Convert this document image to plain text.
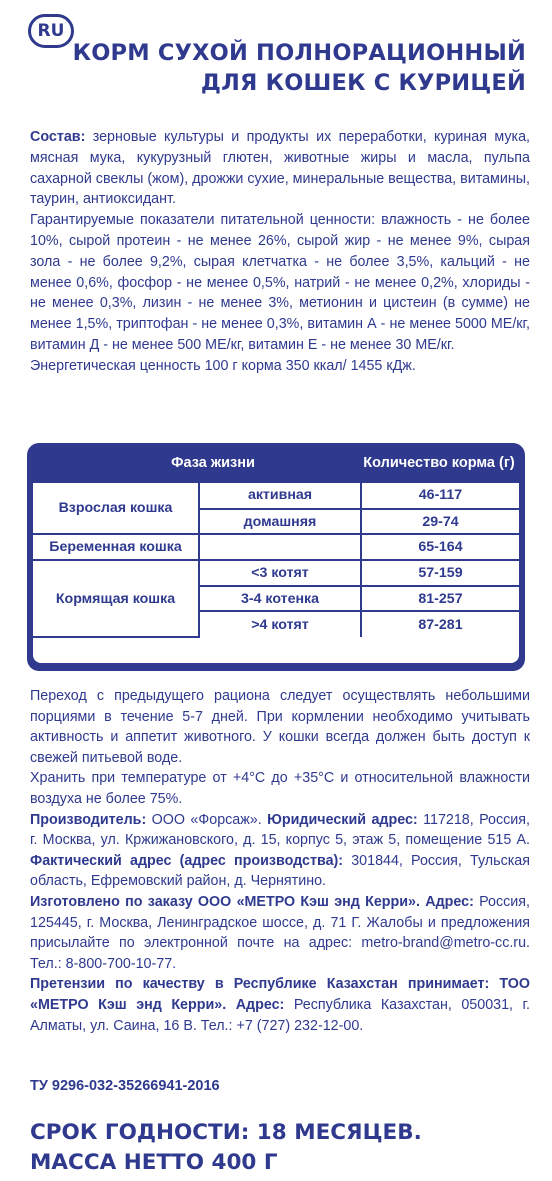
RU
КОРМ СУХОЙ ПОЛНОРАЦИОННЫЙ
ДЛЯ КОШЕК С КУРИЦЕЙ

Состав: зерновые культуры и продукты их переработки, куриная мука, мясная мука, кукурузный глютен, животные жиры и масла, пульпа сахарной свеклы (жом), дрожжи сухие, минеральные вещества, витамины, таурин, антиоксидант.

Гарантируемые показатели питательной ценности: влажность - не более 10%, сырой протеин - не менее 26%, сырой жир - не менее 9%, сырая зола - не более 9,2%, сырая клетчатка - не более 3,5%, кальций - не менее 0,6%, фосфор - не менее 0,5%, натрий - не менее 0,2%, хлориды - не менее 0,3%, лизин - не менее 3%, метионин и цистеин (в сумме) не менее 1,5%, триптофан - не менее 0,3%, витамин А - не менее 5000 МЕ/кг, витамин Д - не менее 500 МЕ/кг, витамин Е - не менее 30 МЕ/кг.

Энергетическая ценность 100 г корма 350 ккал/ 1455 кДж.

Фаза жизни	Количество корма (г)
Взрослая кошка	активная	46-117
	домашняя	29-74
Беременная кошка		65-164
Кормящая кошка	<3 котят	57-159
	3-4 котенка	81-257
	>4 котят	87-281

Переход с предыдущего рациона следует осуществлять небольшими порциями в течение 5-7 дней. При кормлении необходимо учитывать активность и аппетит животного. У кошки всегда должен быть доступ к свежей питьевой воде.

Хранить при температуре от +4°С до +35°С и относительной влажности воздуха не более 75%.

Производитель: ООО «Форсаж». Юридический адрес: 117218, Россия, г. Москва, ул. Кржижановского, д. 15, корпус 5, этаж 5, помещение 515 А. Фактический адрес (адрес производства): 301844, Россия, Тульская область, Ефремовский район, д. Чернятино.

Изготовлено по заказу ООО «МЕТРО Кэш энд Керри». Адрес: Россия, 125445, г. Москва, Ленинградское шоссе, д. 71 Г. Жалобы и предложения присылайте по электронной почте на адрес: metro-brand@metro-cc.ru. Тел.: 8-800-700-10-77.

Претензии по качеству в Республике Казахстан принимает: ТОО «МЕТРО Кэш энд Керри». Адрес: Республика Казахстан, 050031, г. Алматы, ул. Саина, 16 В. Тел.: +7 (727) 232-12-00.

ТУ 9296-032-35266941-2016
СРОК ГОДНОСТИ: 18 МЕСЯЦЕВ.
МАССА НЕТТО 400 Г
